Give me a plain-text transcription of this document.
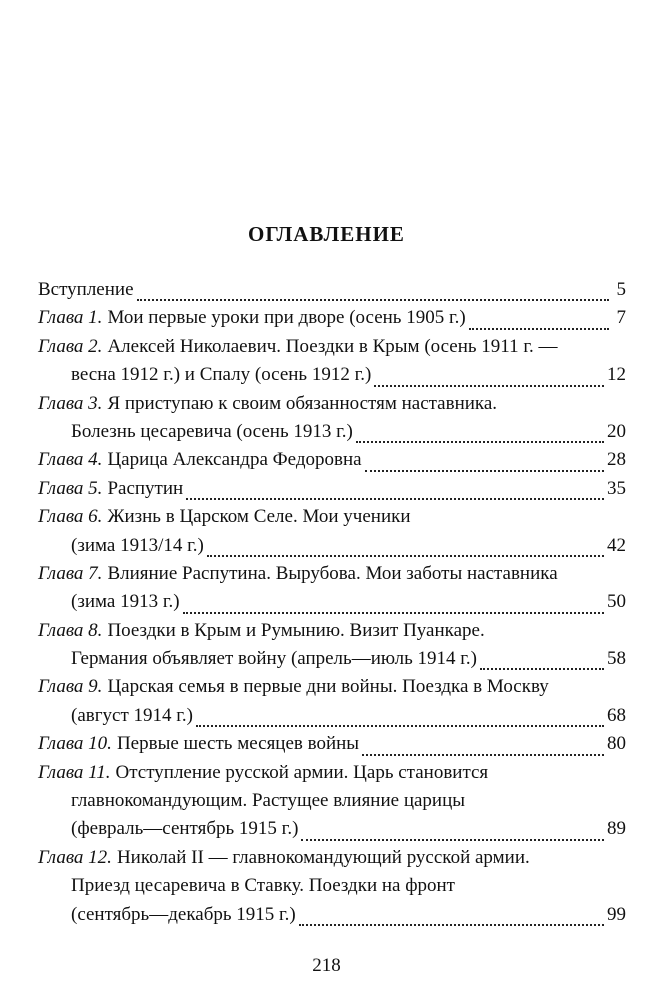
ОГЛАВЛЕНИЕ
Вступление	5
Глава 1. Мои первые уроки при дворе (осень 1905 г.)	7
Глава 2. Алексей Николаевич. Поездки в Крым (осень 1911 г. —
весна 1912 г.) и Спалу (осень 1912 г.)	12
Глава 3. Я приступаю к своим обязанностям наставника.
Болезнь цесаревича (осень 1913 г.)	20
Глава 4. Царица Александра Федоровна	28
Глава 5. Распутин	35
Глава 6. Жизнь в Царском Селе. Мои ученики
(зима 1913/14 г.)	42
Глава 7. Влияние Распутина. Вырубова. Мои заботы наставника
(зима 1913 г.)	50
Глава 8. Поездки в Крым и Румынию. Визит Пуанкаре.
Германия объявляет войну (апрель—июль 1914 г.)	58
Глава 9. Царская семья в первые дни войны. Поездка в Москву
(август 1914 г.)	68
Глава 10. Первые шесть месяцев войны	80
Глава 11. Отступление русской армии. Царь становится
главнокомандующим. Растущее влияние царицы
(февраль—сентябрь 1915 г.)	89
Глава 12. Николай II — главнокомандующий русской армии.
Приезд цесаревича в Ставку. Поездки на фронт
(сентябрь—декабрь 1915 г.)	99
218
